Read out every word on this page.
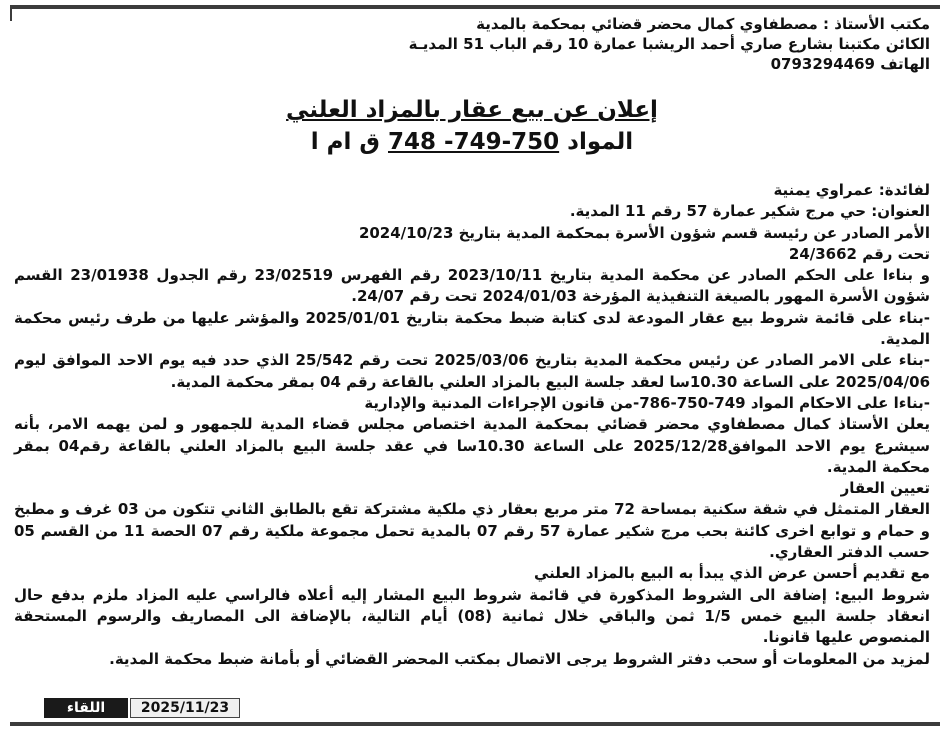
مكتب الأستاذ : مصطفاوي كمال محضر قضائي بمحكمة بالمدية
الكائن مكتبنا بشارع صاري أحمد الريشبا عمارة 10 رقم الباب 51 المديـة
الهاتف 0793294469
إعلان عن بيع عقار بالمزاد العلني
المواد 748 -749-750 ق ام ا

لفائدة: عمراوي يمنية

العنوان: حي مرج شكير عمارة 57 رقم 11 المدية.

الأمر الصادر عن رئيسة قسم شؤون الأسرة بمحكمة المدية بتاريخ 2024/10/23

تحت رقم 24/3662

و بناءا على الحكم الصادر عن محكمة المدية بتاريخ 2023/10/11 رقم الفهرس 23/02519 رقم الجدول 23/01938 القسم شؤون الأسرة المهور بالصيغة التنفيذية المؤرخة 2024/01/03 تحت رقم 24/07.

-بناء على قائمة شروط بيع عقار المودعة لدى كتابة ضبط محكمة بتاريخ 2025/01/01 والمؤشر عليها من طرف رئيس محكمة المدية.

-بناء على الامر الصادر عن رئيس محكمة المدية بتاريخ 2025/03/06 تحت رقم 25/542 الذي حدد فيه يوم الاحد الموافق ليوم 2025/04/06 على الساعة 10.30سا لعقد جلسة البيع بالمزاد العلني بالقاعة رقم 04 بمقر محكمة المدية.

-بناءا على الاحكام المواد 749-750-786-من قانون الإجراءات المدنية والإدارية

يعلن الأستاذ كمال مصطفاوي محضر قضائي بمحكمة المدية اختصاص مجلس قضاء المدية للجمهور و لمن يهمه الامر، بأنه سيشرع يوم الاحد الموافق2025/12/28 على الساعة 10.30سا في عقد جلسة البيع بالمزاد العلني بالقاعة رقم04 بمقر محكمة المدية.

تعيين العقار

العقار المتمثل في شقة سكنية بمساحة 72 متر مربع بعقار ذي ملكية مشتركة تقع بالطابق الثاني تتكون من 03 غرف و مطبخ و حمام و توابع اخرى كائنة بحب مرج شكير عمارة 57 رقم 07 بالمدية تحمل مجموعة ملكية رقم 07 الحصة 11 من القسم 05 حسب الدفتر العقاري.

مع تقديم أحسن عرض الذي يبدأ به البيع بالمزاد العلني

شروط البيع: إضافة الى الشروط المذكورة في قائمة شروط البيع المشار إليه أعلاه فالراسي عليه المزاد ملزم بدفع حال انعقاد جلسة البيع خمس 1/5 ثمن والباقي خلال ثمانية (08) أيام التالية، بالإضافة الى المصاريف والرسوم المستحقة المنصوص عليها قانونا.

لمزيد من المعلومات أو سحب دفتر الشروط يرجى الاتصال بمكتب المحضر القضائي أو بأمانة ضبط محكمة المدية.

اللقاء	2025/11/23
